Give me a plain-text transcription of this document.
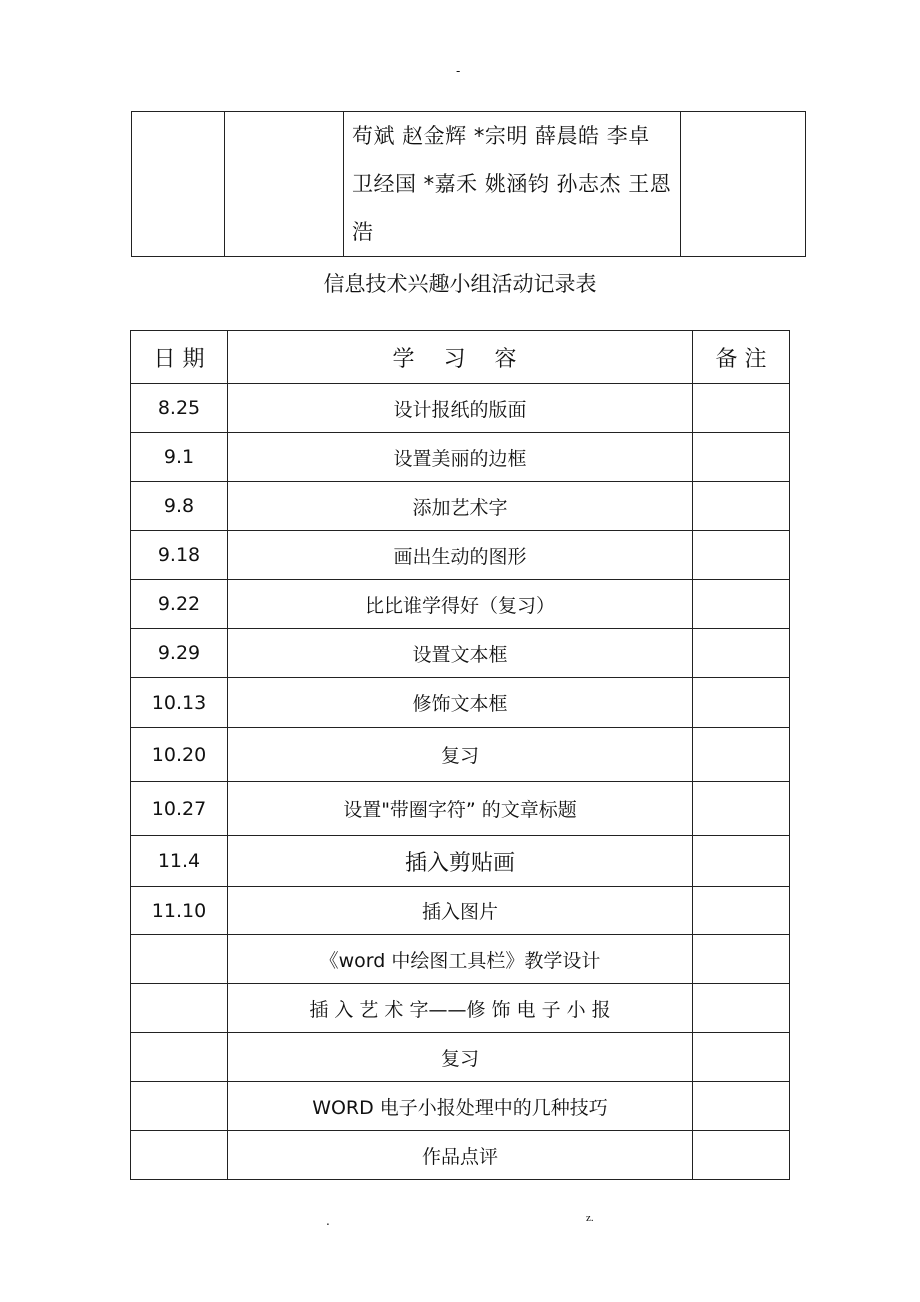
-
		苟斌 赵金辉 *宗明 薛晨皓 李卓 卫经国 *嘉禾 姚涵钧 孙志杰 王恩浩	
信息技术兴趣小组活动记录表
日 期	学 习 容	备 注
8.25	设计报纸的版面	
9.1	设置美丽的边框	
9.8	添加艺术字	
9.18	画出生动的图形	
9.22	比比谁学得好（复习）	
9.29	设置文本框	
10.13	修饰文本框	
10.20	复习	
10.27	设置"带圈字符” 的文章标题	
11.4	插入剪贴画	
11.10	插入图片	
	《word 中绘图工具栏》教学设计	
	插 入 艺 术 字——修 饰 电 子 小 报	
	复习	
	WORD 电子小报处理中的几种技巧	
	作品点评	
.	z.
